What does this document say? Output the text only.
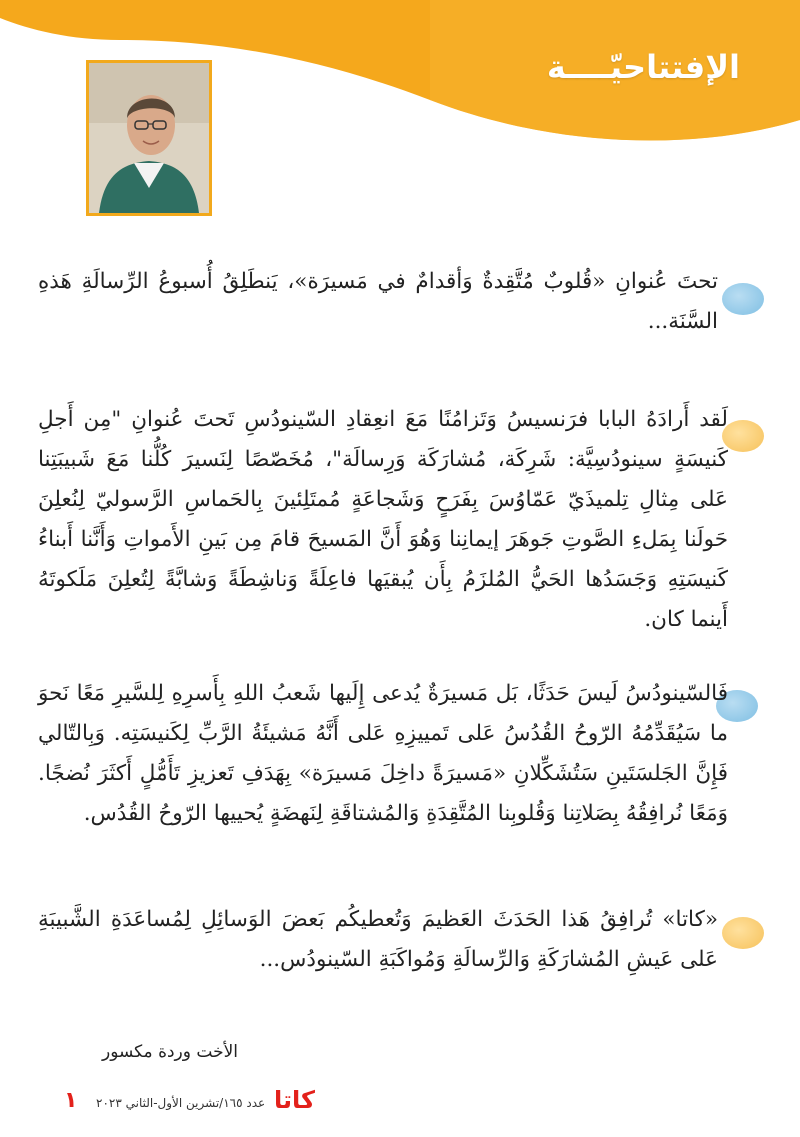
الإفتتاحيّــــة

تحتَ عُنوانِ «قُلوبٌ مُتَّقِدةٌ وَأقدامٌ في مَسيرَة»، يَنطَلِقُ أُسبوعُ الرِّسالَةِ هَذهِ السَّنَة...

لَقد أَرادَهُ البابا فرَنسيسُ وَتَزامُنًا مَعَ انعِقادِ السّينودُسِ تَحتَ عُنوانِ "مِن أَجلِ كَنيسَةٍ سينودُسِيَّة: شَرِكَة، مُشارَكَة وَرِسالَة"، مُخَصّصًا لِنَسيرَ كُلُّنا مَعَ شَبيبَتِنا عَلى مِثالِ تِلميذَيّ عَمّاوُسَ بِفَرَحٍ وَشَجاعَةٍ مُمتَلِئينَ بِالحَماسِ الرَّسوليّ لِنُعلِنَ حَولَنا بِمَلءِ الصَّوتِ جَوهَرَ إيمانِنا وَهُوَ أَنَّ المَسيحَ قامَ مِن بَينِ الأَمواتِ وَأَنَّنا أَبناءُ كَنيسَتِهِ وَجَسَدُها الحَيُّ المُلزَمُ بِأَن يُبقيَها فاعِلَةً وَناشِطَةً وَشابَّةً لِتُعلِنَ مَلَكوتَهُ أَينما كان.

فَالسّينودُسُ لَيسَ حَدَثًا، بَل مَسيرَةٌ يُدعى إِلَيها شَعبُ اللهِ بِأَسرِهِ لِلسَّيرِ مَعًا نَحوَ ما سَيُقَدِّمُهُ الرّوحُ القُدُسُ عَلى تَمييزِهِ عَلى أَنَّهُ مَشيئَةُ الرَّبِّ لِكَنيسَتِه. وَبِالتّالي فَإِنَّ الجَلسَتَينِ سَتُشَكِّلانِ «مَسيرَةً داخِلَ مَسيرَة» بِهَدَفِ تَعزيزِ تَأَمُّلٍ أَكثَرَ نُضجًا. وَمَعًا نُرافِقُهُ بِصَلاتِنا وَقُلوبِنا المُتَّقِدَةِ وَالمُشتاقَةِ لِنَهضَةٍ يُحييها الرّوحُ القُدُس.

«كاتا» تُرافِقُ هَذا الحَدَثَ العَظيمَ وَتُعطيكُم بَعضَ الوَسائِلِ لِمُساعَدَةِ الشَّبيبَةِ عَلى عَيشِ المُشارَكَةِ وَالرِّسالَةِ وَمُواكَبَةِ السّينودُس...

الأخت وردة مكسور
١ عدد ١٦٥/تشرين الأول-الثاني ٢٠٢٣ كاتا
